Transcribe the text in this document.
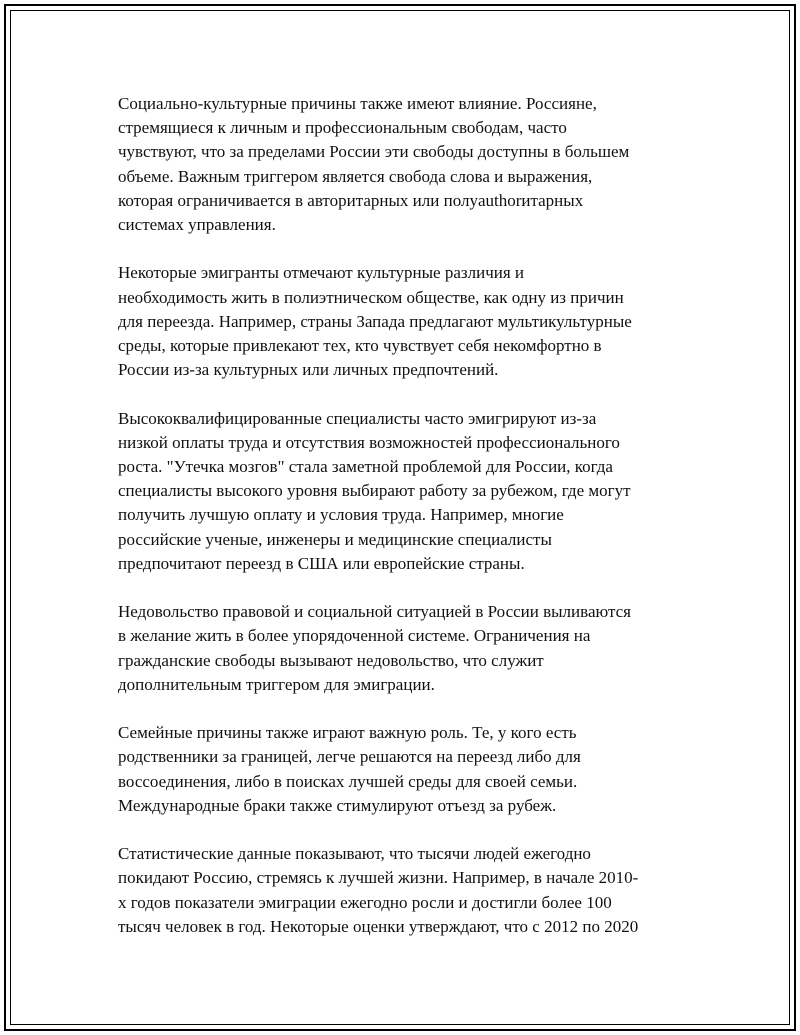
Социально-культурные причины также имеют влияние. Россияне,
стремящиеся к личным и профессиональным свободам, часто
чувствуют, что за пределами России эти свободы доступны в большем
объеме. Важным триггером является свобода слова и выражения,
которая ограничивается в авторитарных или полуauthorитарных
системах управления.

Некоторые эмигранты отмечают культурные различия и
необходимость жить в полиэтническом обществе, как одну из причин
для переезда. Например, страны Запада предлагают мультикультурные
среды, которые привлекают тех, кто чувствует себя некомфортно в
России из-за культурных или личных предпочтений.

Высококвалифицированные специалисты часто эмигрируют из-за
низкой оплаты труда и отсутствия возможностей профессионального
роста. "Утечка мозгов" стала заметной проблемой для России, когда
специалисты высокого уровня выбирают работу за рубежом, где могут
получить лучшую оплату и условия труда. Например, многие
российские ученые, инженеры и медицинские специалисты
предпочитают переезд в США или европейские страны.

Недовольство правовой и социальной ситуацией в России выливаются
в желание жить в более упорядоченной системе. Ограничения на
гражданские свободы вызывают недовольство, что служит
дополнительным триггером для эмиграции.

Семейные причины также играют важную роль. Те, у кого есть
родственники за границей, легче решаются на переезд либо для
воссоединения, либо в поисках лучшей среды для своей семьи.
Международные браки также стимулируют отъезд за рубеж.

Статистические данные показывают, что тысячи людей ежегодно
покидают Россию, стремясь к лучшей жизни. Например, в начале 2010-
х годов показатели эмиграции ежегодно росли и достигли более 100
тысяч человек в год. Некоторые оценки утверждают, что с 2012 по 2020
